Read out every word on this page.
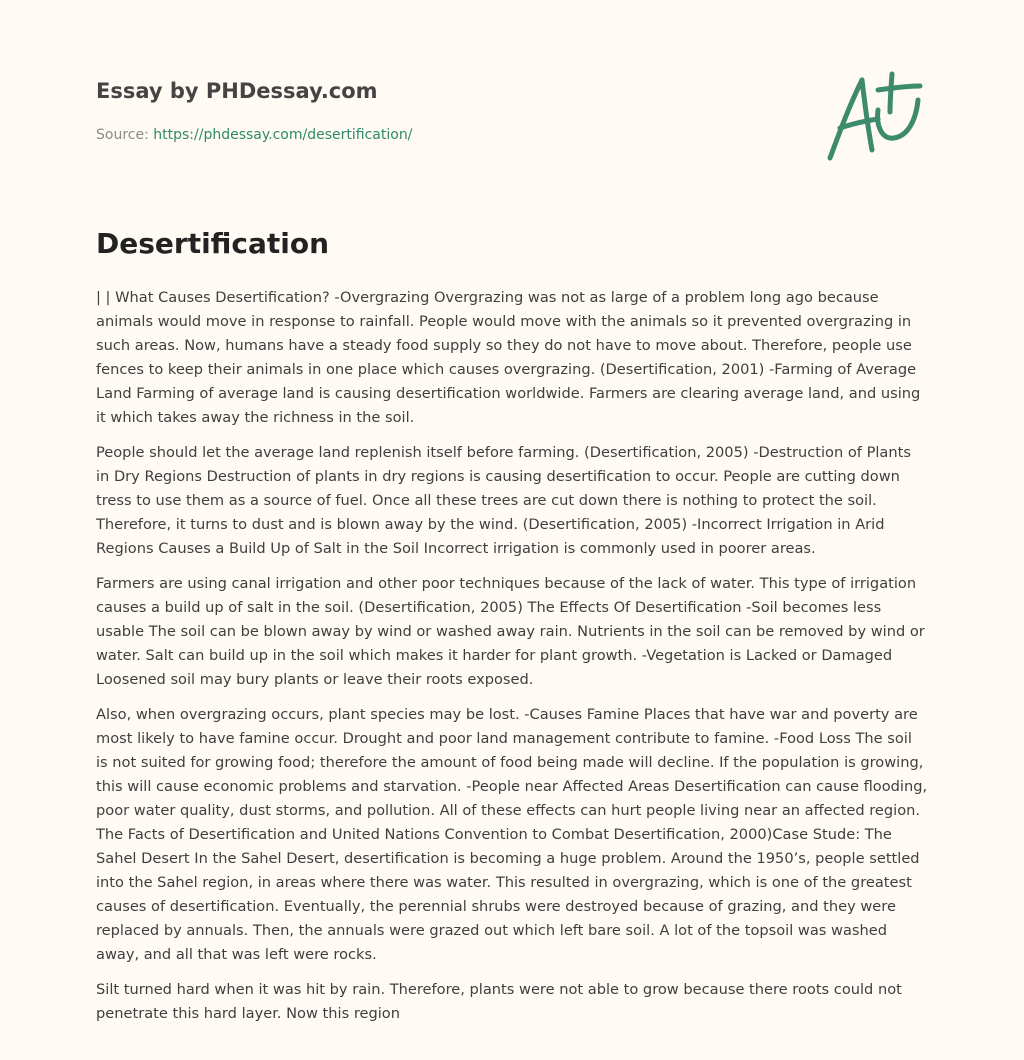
Essay by PHDessay.com
Source: https://phdessay.com/desertification/
Desertification

| | What Causes Desertification? -Overgrazing Overgrazing was not as large of a problem long ago because animals would move in response to rainfall. People would move with the animals so it prevented overgrazing in such areas. Now, humans have a steady food supply so they do not have to move about. Therefore, people use fences to keep their animals in one place which causes overgrazing. (Desertification, 2001) -Farming of Average Land Farming of average land is causing desertification worldwide. Farmers are clearing average land, and using it which takes away the richness in the soil.

People should let the average land replenish itself before farming. (Desertification, 2005) -Destruction of Plants in Dry Regions Destruction of plants in dry regions is causing desertification to occur. People are cutting down tress to use them as a source of fuel. Once all these trees are cut down there is nothing to protect the soil. Therefore, it turns to dust and is blown away by the wind. (Desertification, 2005) -Incorrect Irrigation in Arid Regions Causes a Build Up of Salt in the Soil Incorrect irrigation is commonly used in poorer areas.

Farmers are using canal irrigation and other poor techniques because of the lack of water. This type of irrigation causes a build up of salt in the soil. (Desertification, 2005) The Effects Of Desertification -Soil becomes less usable The soil can be blown away by wind or washed away rain. Nutrients in the soil can be removed by wind or water. Salt can build up in the soil which makes it harder for plant growth. -Vegetation is Lacked or Damaged Loosened soil may bury plants or leave their roots exposed.

Also, when overgrazing occurs, plant species may be lost. -Causes Famine Places that have war and poverty are most likely to have famine occur. Drought and poor land management contribute to famine. -Food Loss The soil is not suited for growing food; therefore the amount of food being made will decline. If the population is growing, this will cause economic problems and starvation. -People near Affected Areas Desertification can cause flooding, poor water quality, dust storms, and pollution. All of these effects can hurt people living near an affected region. The Facts of Desertification and United Nations Convention to Combat Desertification, 2000)Case Stude: The Sahel Desert In the Sahel Desert, desertification is becoming a huge problem. Around the 1950’s, people settled into the Sahel region, in areas where there was water. This resulted in overgrazing, which is one of the greatest causes of desertification. Eventually, the perennial shrubs were destroyed because of grazing, and they were replaced by annuals. Then, the annuals were grazed out which left bare soil. A lot of the topsoil was washed away, and all that was left were rocks.

Silt turned hard when it was hit by rain. Therefore, plants were not able to grow because there roots could not penetrate this hard layer. Now this region
